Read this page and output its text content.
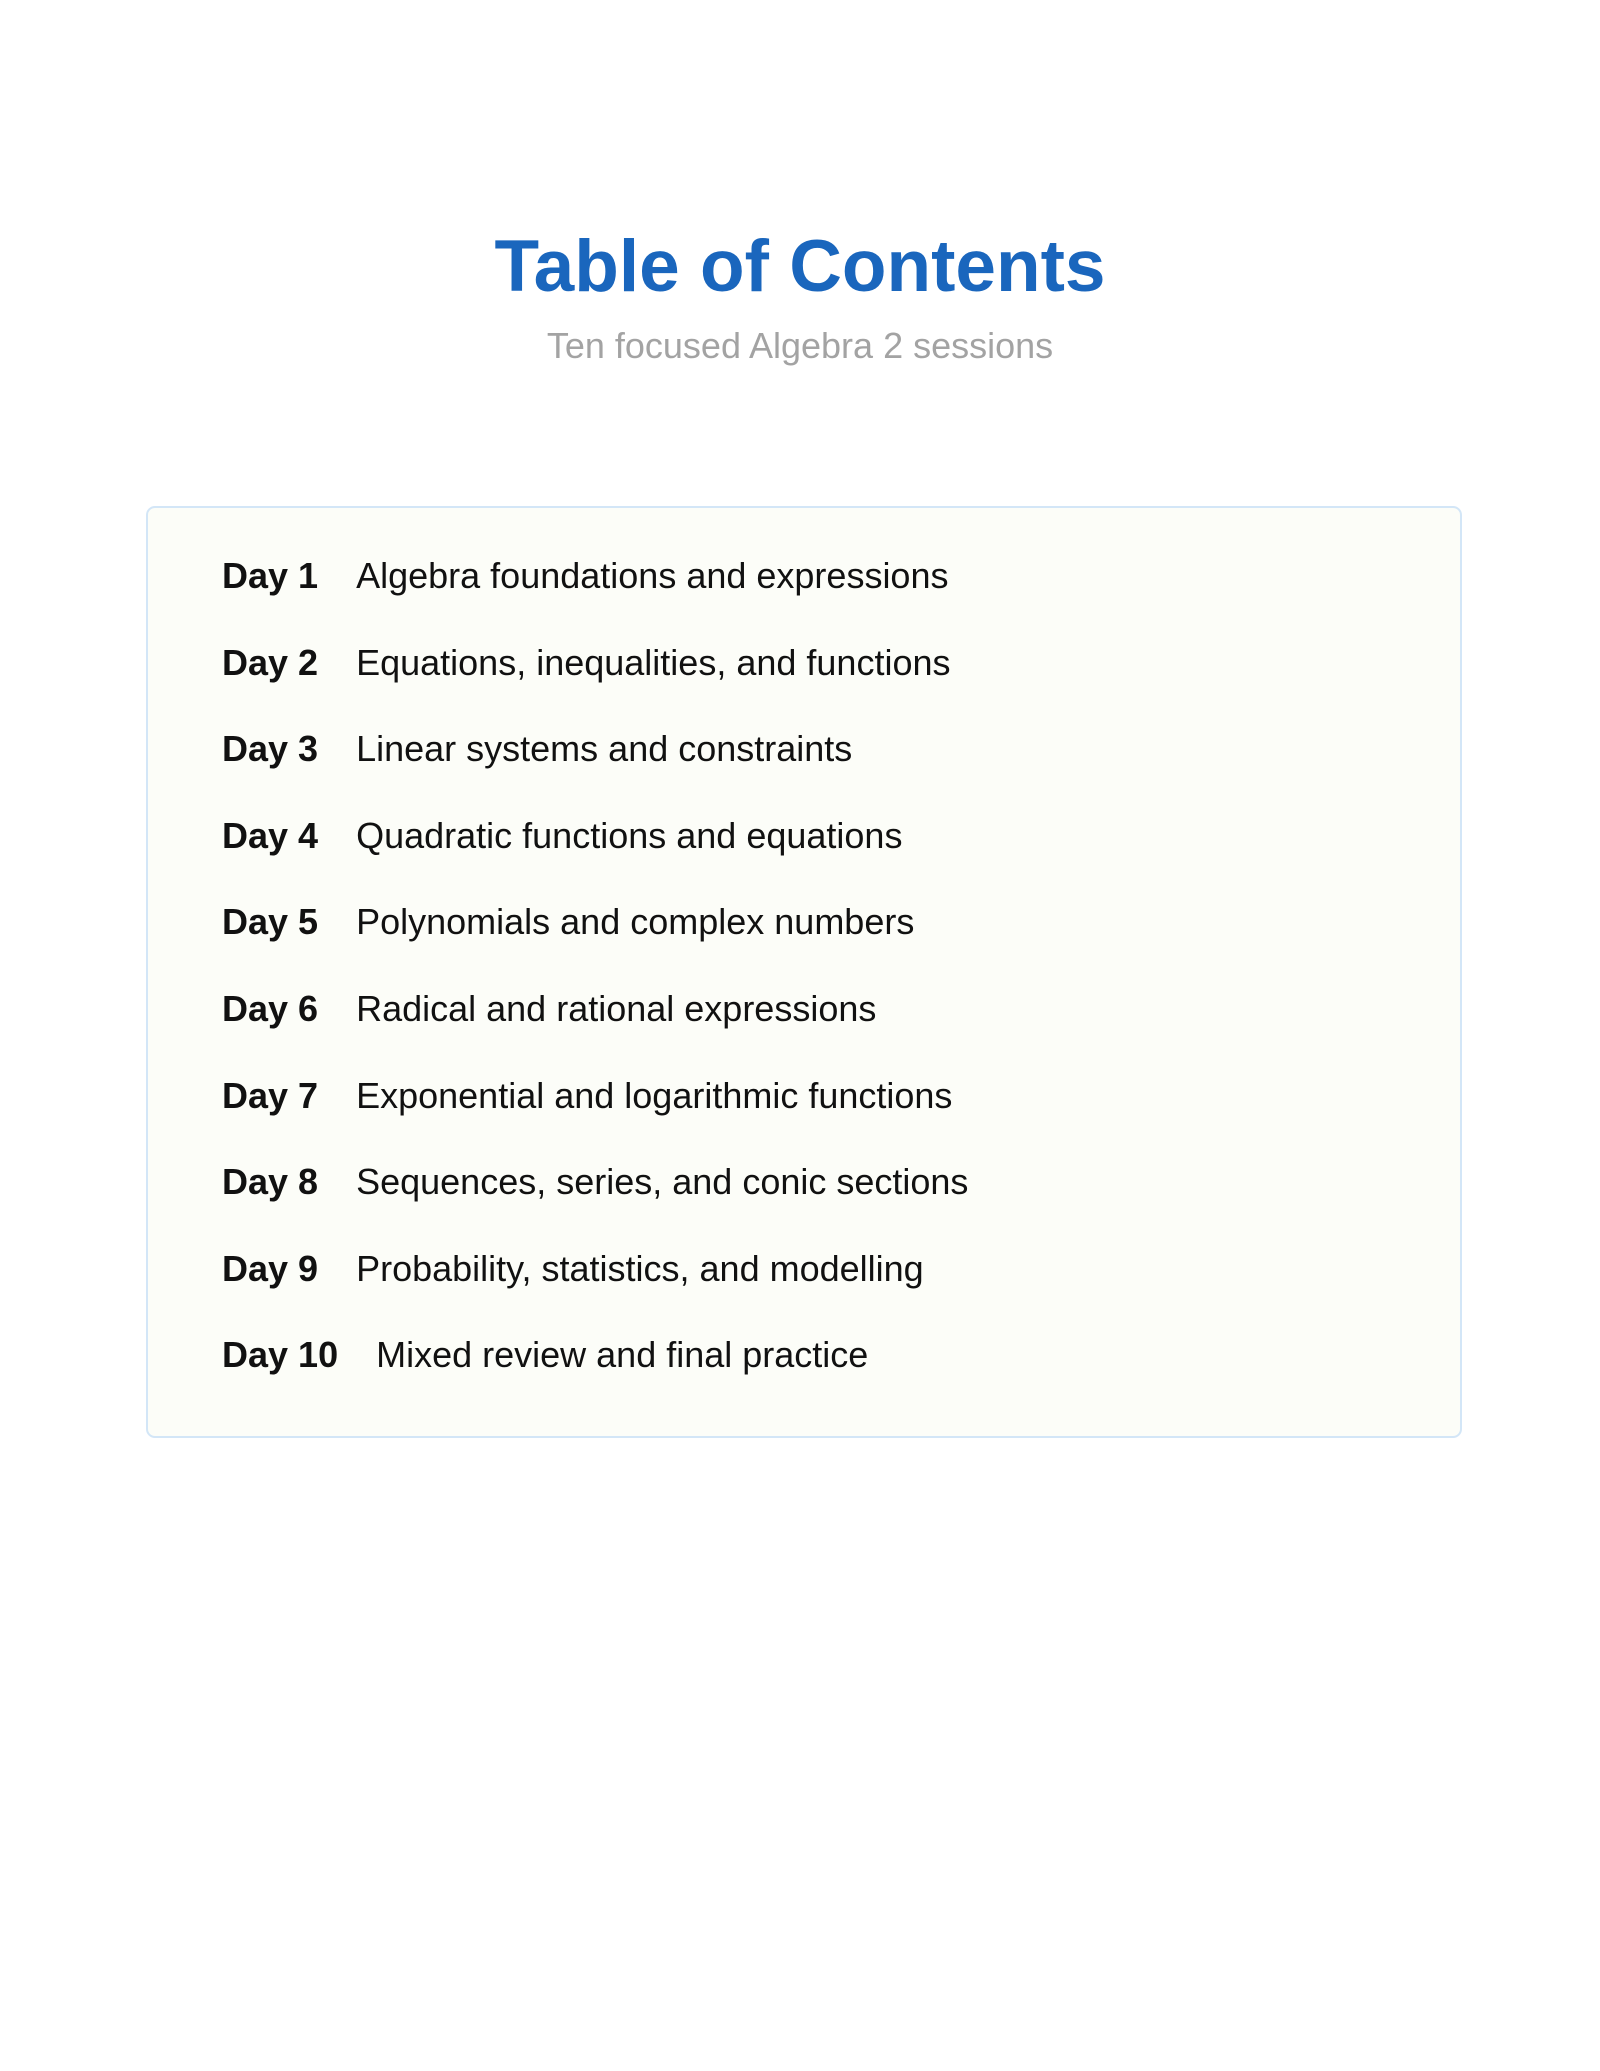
Table of Contents

Ten focused Algebra 2 sessions

Day 1 Algebra foundations and expressions
Day 2 Equations, inequalities, and functions
Day 3 Linear systems and constraints
Day 4 Quadratic functions and equations
Day 5 Polynomials and complex numbers
Day 6 Radical and rational expressions
Day 7 Exponential and logarithmic functions
Day 8 Sequences, series, and conic sections
Day 9 Probability, statistics, and modelling
Day 10 Mixed review and final practice
